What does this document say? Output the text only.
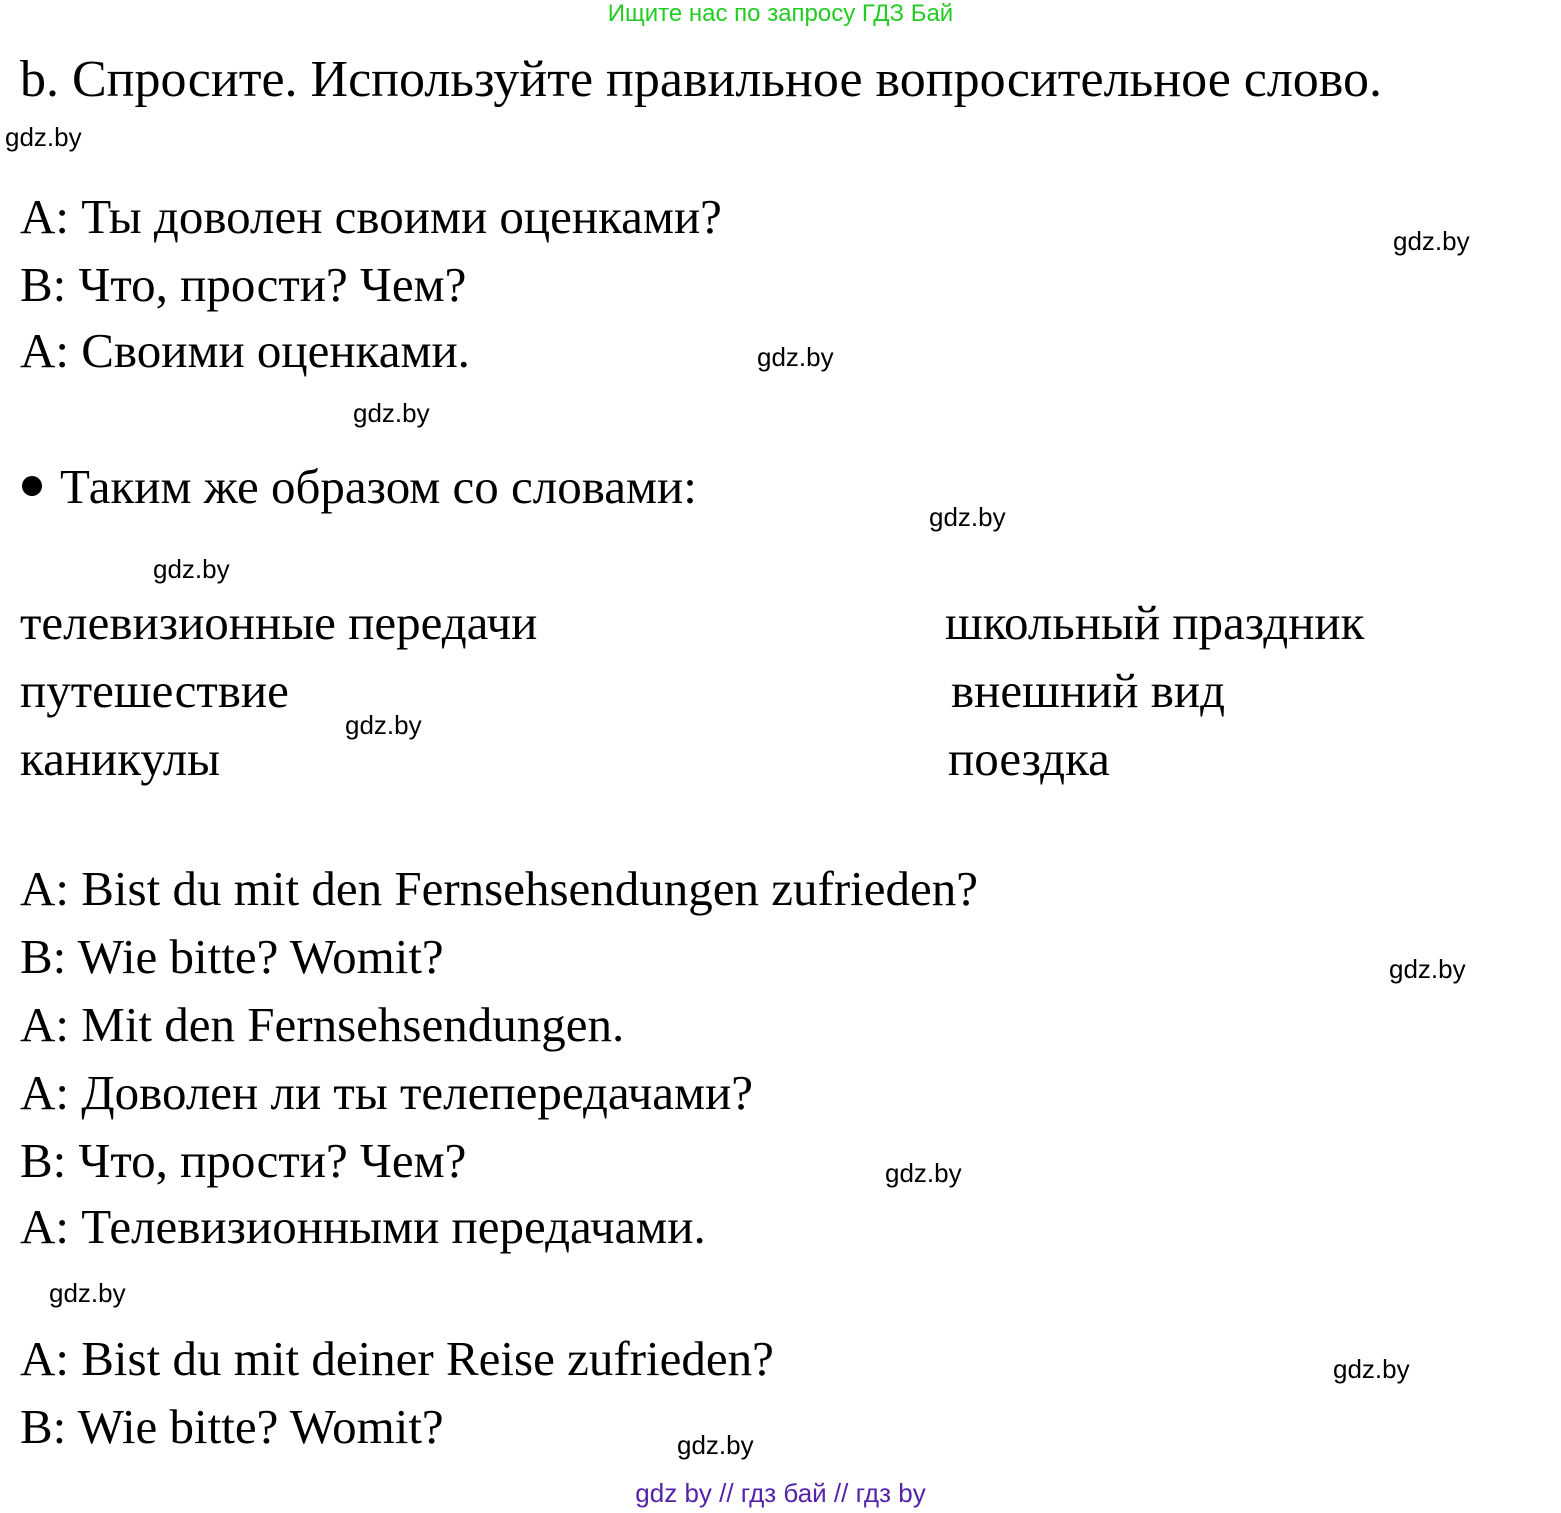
Ищите нас по запросу ГДЗ Бай
b. Спросите. Используйте правильное вопросительное слово.
gdz.by
A: Ты доволен своими оценками?
B: Что, прости? Чем?
A: Своими оценками.
gdz.by
gdz.by
gdz.by
Таким же образом со словами:
gdz.by
gdz.by
телевизионные передачи
путешествие
каникулы
школьный праздник
внешний вид
поездка
gdz.by
A: Bist du mit den Fernsehsendungen zufrieden?
B: Wie bitte? Womit?
A: Mit den Fernsehsendungen.
gdz.by
A: Доволен ли ты телепередачами?
B: Что, прости? Чем?
A: Телевизионными передачами.
gdz.by
gdz.by
A: Bist du mit deiner Reise zufrieden?
B: Wie bitte? Womit?
gdz.by
gdz.by
gdz by // гдз бай // гдз by
